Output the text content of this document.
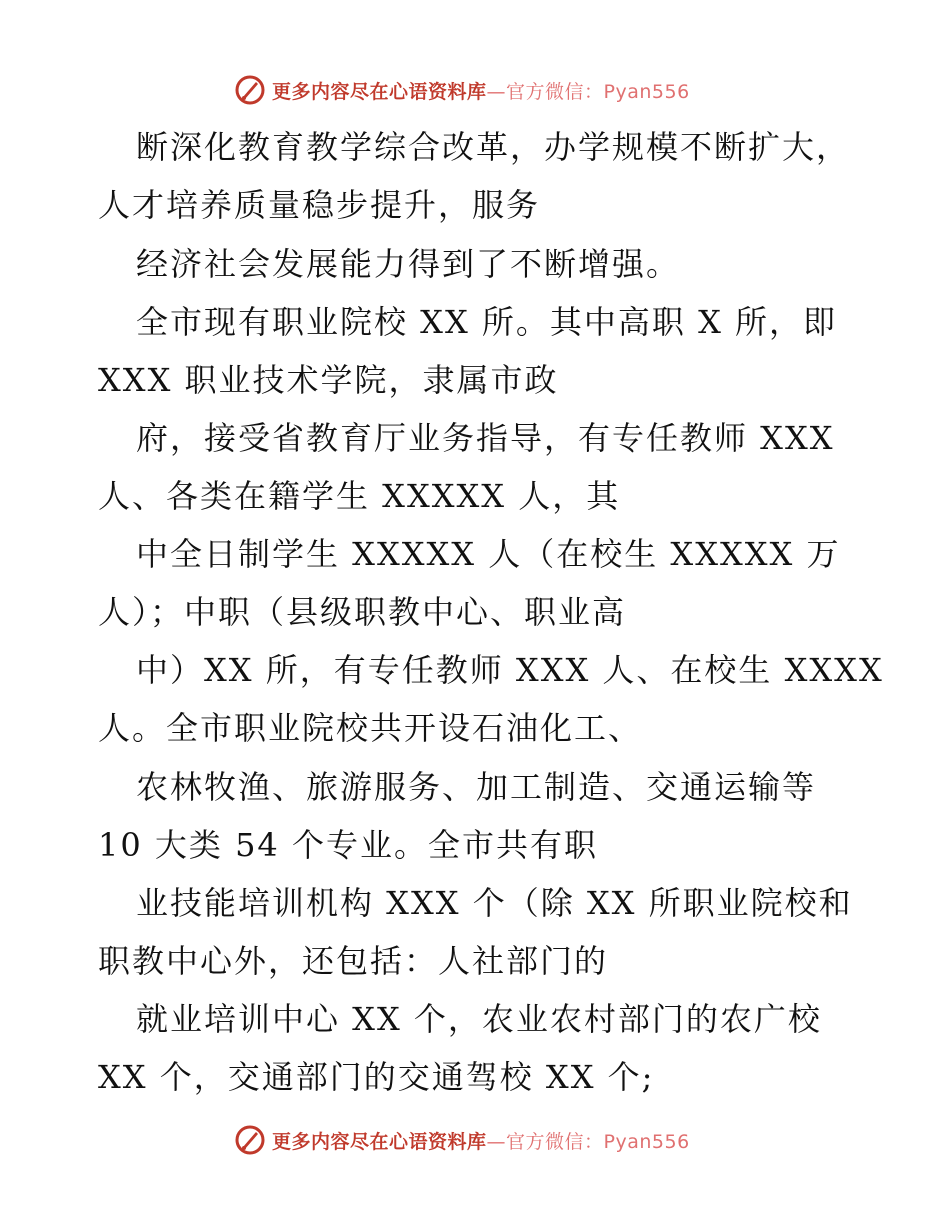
更多内容尽在心语资料库—官方微信：Pyan556
断深化教育教学综合改革，办学规模不断扩大，
人才培养质量稳步提升，服务
经济社会发展能力得到了不断增强。
全市现有职业院校 XX 所。其中高职 X 所，即
XXX 职业技术学院，隶属市政
府，接受省教育厅业务指导，有专任教师 XXX
人、各类在籍学生 XXXXX 人，其
中全日制学生 XXXXX 人（在校生 XXXXX 万
人）；中职（县级职教中心、职业高
中）XX 所，有专任教师 XXX 人、在校生 XXXX
人。全市职业院校共开设石油化工、
农林牧渔、旅游服务、加工制造、交通运输等
10 大类 54 个专业。全市共有职
业技能培训机构 XXX 个（除 XX 所职业院校和
职教中心外，还包括：人社部门的
就业培训中心 XX 个，农业农村部门的农广校
XX 个，交通部门的交通驾校 XX 个;
更多内容尽在心语资料库—官方微信：Pyan556
